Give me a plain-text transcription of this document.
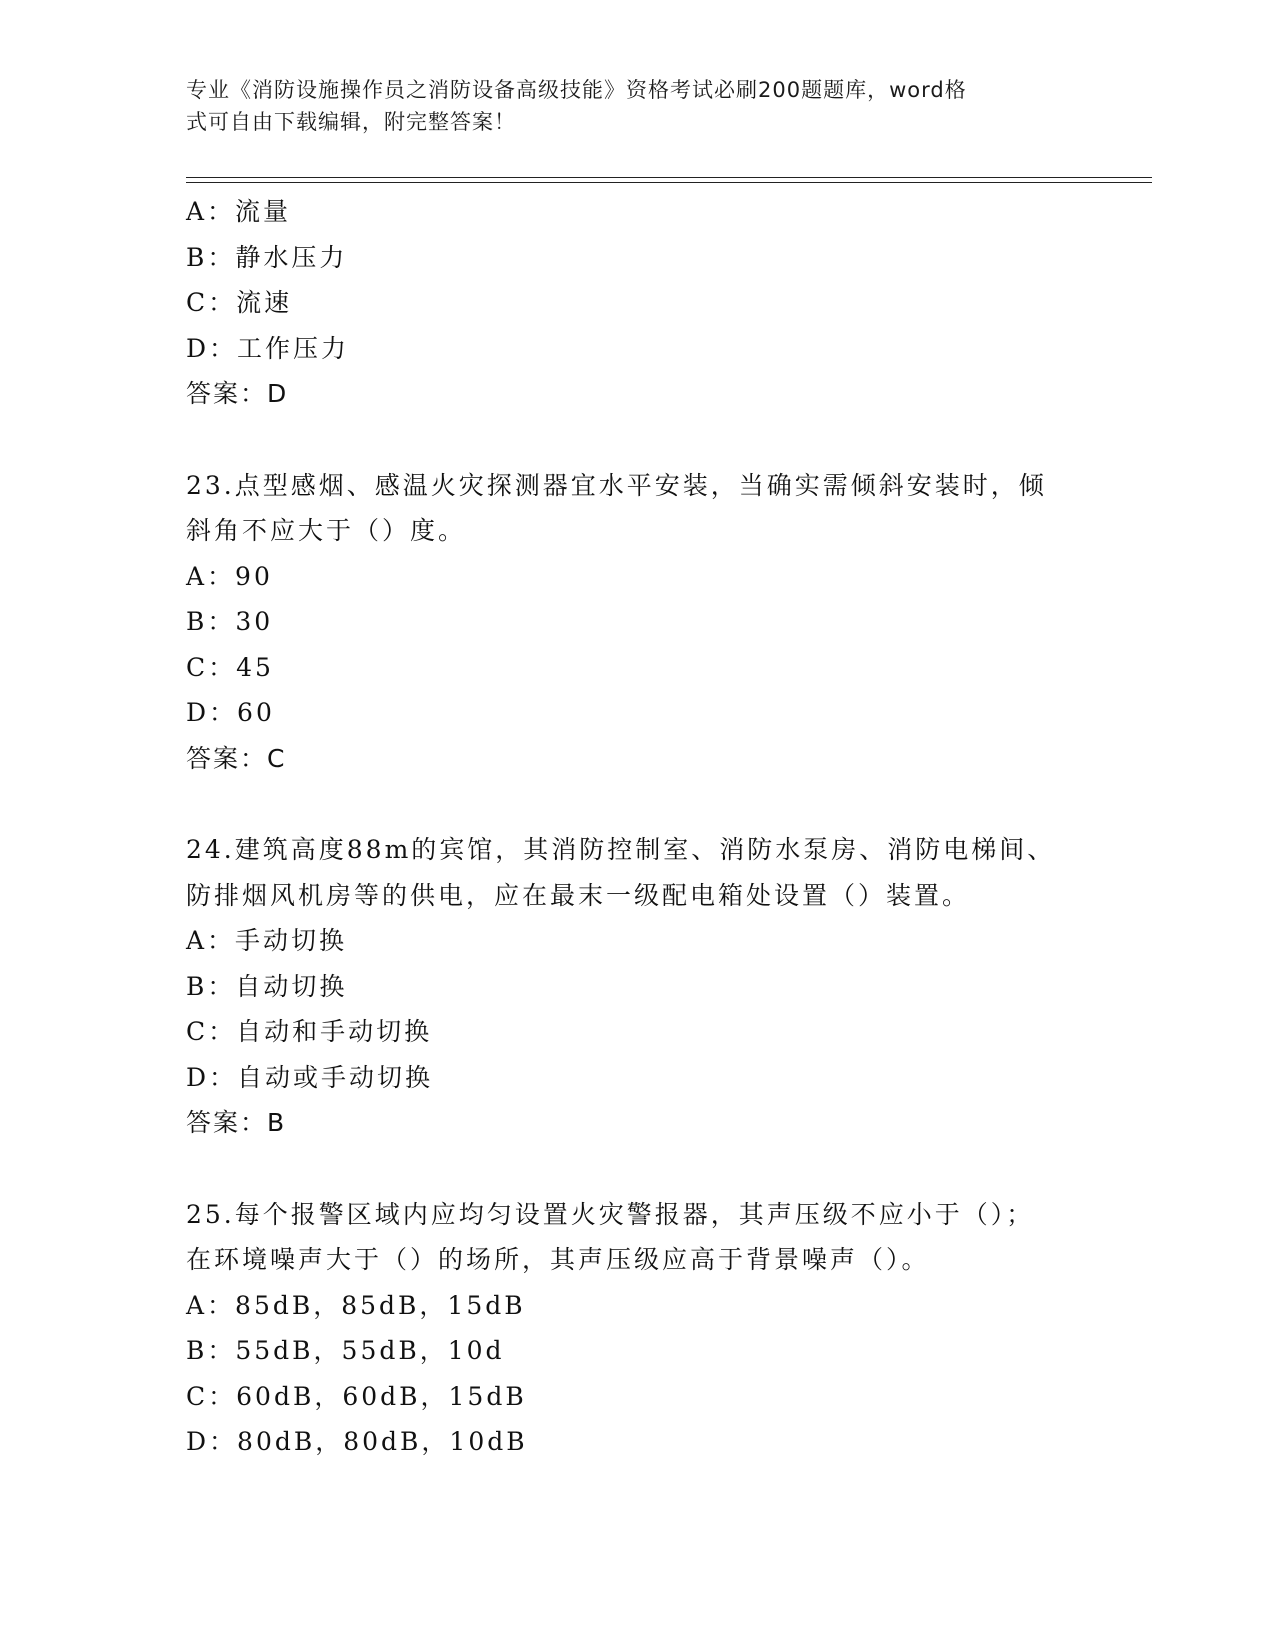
专业《消防设施操作员之消防设备高级技能》资格考试必刷200题题库，word格
式可自由下载编辑，附完整答案！

A：流量

B：静水压力

C：流速

D：工作压力

答案：D

23.点型感烟、感温火灾探测器宜水平安装，当确实需倾斜安装时，倾

斜角不应大于（）度。

A：90

B：30

C：45

D：60

答案：C

24.建筑高度88m的宾馆，其消防控制室、消防水泵房、消防电梯间、

防排烟风机房等的供电，应在最末一级配电箱处设置（）装置。

A：手动切换

B：自动切换

C：自动和手动切换

D：自动或手动切换

答案：B

25.每个报警区域内应均匀设置火灾警报器，其声压级不应小于（）；

在环境噪声大于（）的场所，其声压级应高于背景噪声（）。

A：85dB，85dB，15dB

B：55dB，55dB，10d

C：60dB，60dB，15dB

D：80dB，80dB，10dB
